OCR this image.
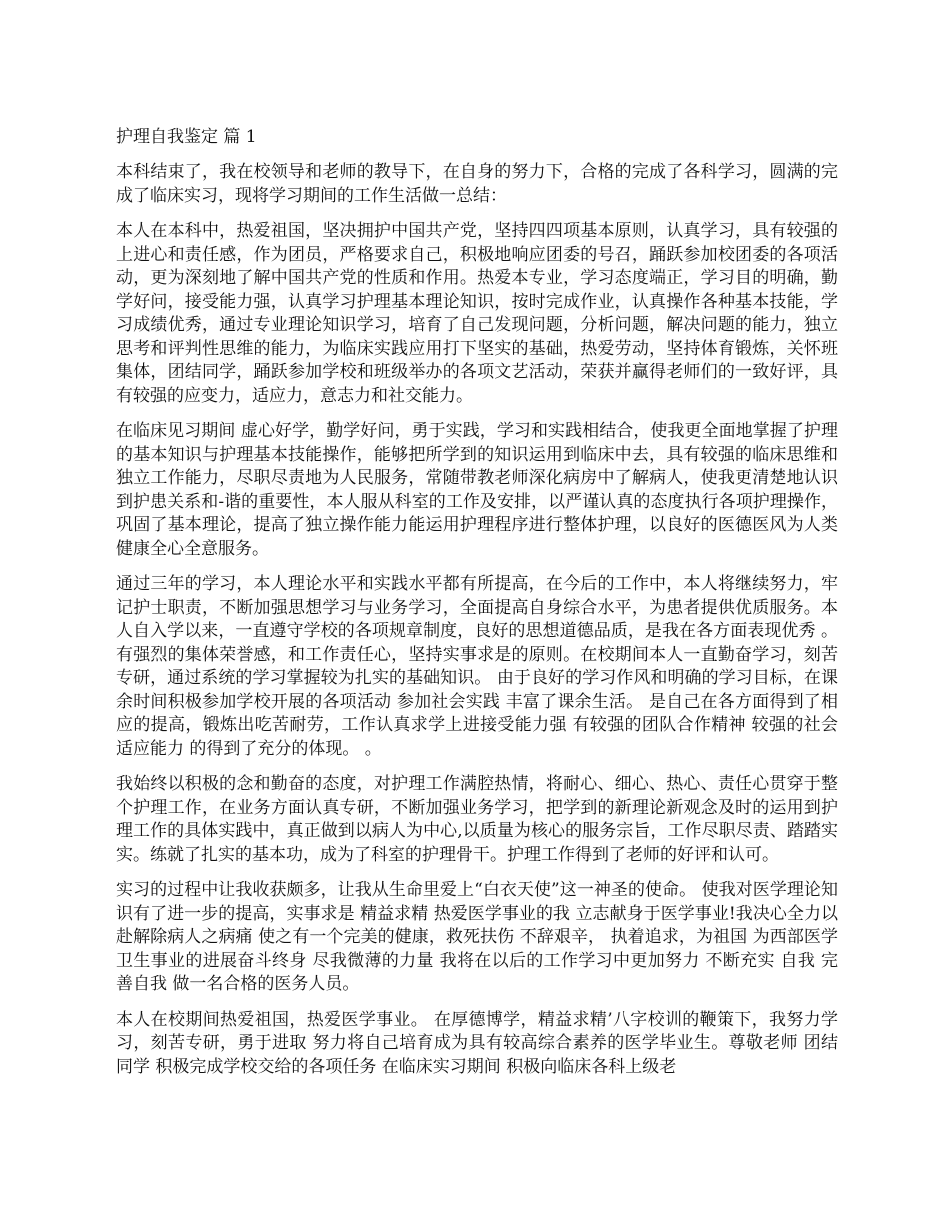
护理自我鉴定 篇 1

本科结束了，我在校领导和老师的教导下，在自身的努力下，合格的完成了各科学习，圆满的完成了临床实习，现将学习期间的工作生活做一总结：

本人在本科中，热爱祖国，坚决拥护中国共产党，坚持四四项基本原则，认真学习，具有较强的上进心和责任感，作为团员，严格要求自己，积极地响应团委的号召，踊跃参加校团委的各项活动，更为深刻地了解中国共产党的性质和作用。热爱本专业，学习态度端正，学习目的明确，勤学好问，接受能力强，认真学习护理基本理论知识，按时完成作业，认真操作各种基本技能，学习成绩优秀，通过专业理论知识学习，培育了自己发现问题，分析问题，解决问题的能力，独立思考和评判性思维的能力，为临床实践应用打下坚实的基础，热爱劳动，坚持体育锻炼，关怀班集体，团结同学，踊跃参加学校和班级举办的各项文艺活动，荣获并赢得老师们的一致好评，具有较强的应变力，适应力，意志力和社交能力。

在临床见习期间 虚心好学，勤学好问，勇于实践，学习和实践相结合，使我更全面地掌握了护理的基本知识与护理基本技能操作，能够把所学到的知识运用到临床中去，具有较强的临床思维和独立工作能力，尽职尽责地为人民服务，常随带教老师深化病房中了解病人，使我更清楚地认识到护患关系和-谐的重要性，本人服从科室的工作及安排，以严谨认真的态度执行各项护理操作，巩固了基本理论，提高了独立操作能力能运用护理程序进行整体护理，以良好的医德医风为人类健康全心全意服务。

通过三年的学习，本人理论水平和实践水平都有所提高，在今后的工作中，本人将继续努力，牢记护士职责，不断加强思想学习与业务学习，全面提高自身综合水平，为患者提供优质服务。本人自入学以来，一直遵守学校的各项规章制度，良好的思想道德品质，是我在各方面表现优秀 。有强烈的集体荣誉感，和工作责任心，坚持实事求是的原则。在校期间本人一直勤奋学习，刻苦专研，通过系统的学习掌握较为扎实的基础知识。 由于良好的学习作风和明确的学习目标，在课余时间积极参加学校开展的各项活动 参加社会实践 丰富了课余生活。 是自己在各方面得到了相应的提高，锻炼出吃苦耐劳，工作认真求学上进接受能力强 有较强的团队合作精神 较强的社会适应能力 的得到了充分的体现。 。

我始终以积极的念和勤奋的态度，对护理工作满腔热情，将耐心、细心、热心、责任心贯穿于整个护理工作，在业务方面认真专研，不断加强业务学习，把学到的新理论新观念及时的运用到护理工作的具体实践中，真正做到以病人为中心,以质量为核心的服务宗旨，工作尽职尽责、踏踏实实。练就了扎实的基本功，成为了科室的护理骨干。护理工作得到了老师的好评和认可。

实习的过程中让我收获颇多，让我从生命里爱上“白衣天使”这一神圣的使命。 使我对医学理论知识有了进一步的提高，实事求是 精益求精 热爱医学事业的我 立志献身于医学事业!我决心全力以赴解除病人之病痛 使之有一个完美的健康，救死扶伤 不辞艰辛， 执着追求，为祖国 为西部医学卫生事业的进展奋斗终身 尽我微薄的力量 我将在以后的工作学习中更加努力 不断充实 自我 完善自我 做一名合格的医务人员。

本人在校期间热爱祖国，热爱医学事业。 在厚德博学，精益求精’八字校训的鞭策下，我努力学习，刻苦专研，勇于进取 努力将自己培育成为具有较高综合素养的医学毕业生。尊敬老师 团结同学 积极完成学校交给的各项任务 在临床实习期间 积极向临床各科上级老
